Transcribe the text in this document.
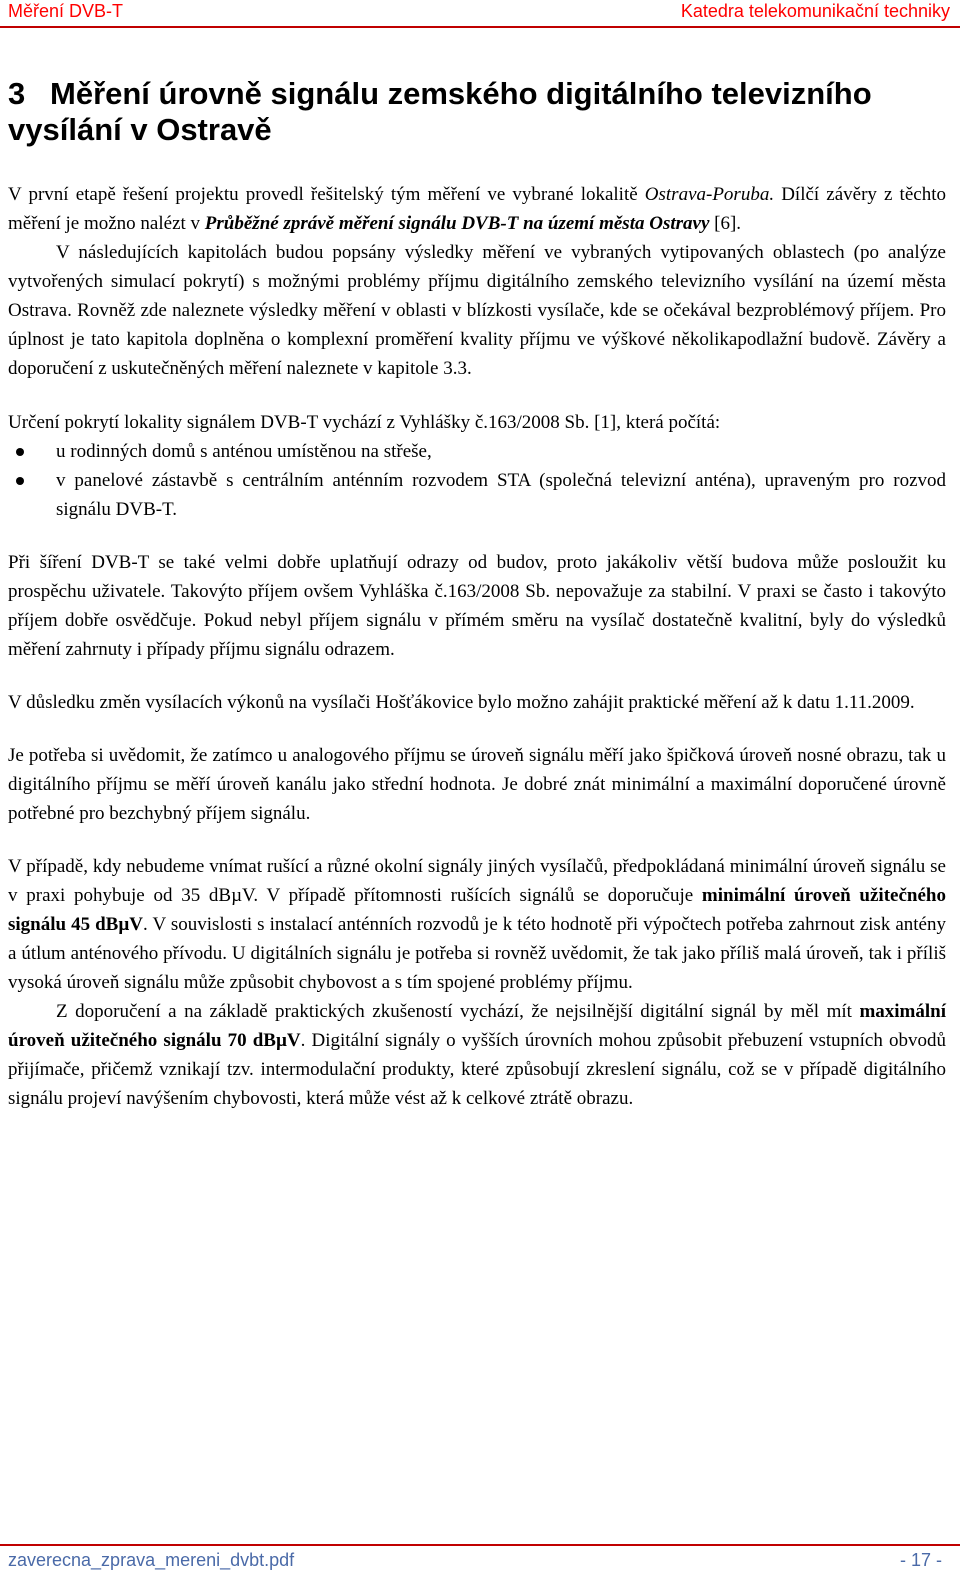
Měření DVB-T	Katedra telekomunikační techniky
3 Měření úrovně signálu zemského digitálního televizního vysílání v Ostravě

V první etapě řešení projektu provedl řešitelský tým měření ve vybrané lokalitě Ostrava-Poruba. Dílčí závěry z těchto měření je možno nalézt v Průběžné zprávě měření signálu DVB-T na území města Ostravy [6].

V následujících kapitolách budou popsány výsledky měření ve vybraných vytipovaných oblastech (po analýze vytvořených simulací pokrytí) s možnými problémy příjmu digitálního zemského televizního vysílání na území města Ostrava. Rovněž zde naleznete výsledky měření v oblasti v blízkosti vysílače, kde se očekával bezproblémový příjem. Pro úplnost je tato kapitola doplněna o komplexní proměření kvality příjmu ve výškové několikapodlažní budově. Závěry a doporučení z uskutečněných měření naleznete v kapitole 3.3.

Určení pokrytí lokality signálem DVB-T vychází z Vyhlášky č.163/2008 Sb. [1], která počítá:

u rodinných domů s anténou umístěnou na střeše,
v panelové zástavbě s centrálním anténním rozvodem STA (společná televizní anténa), upraveným pro rozvod signálu DVB-T.

Při šíření DVB-T se také velmi dobře uplatňují odrazy od budov, proto jakákoliv větší budova může posloužit ku prospěchu uživatele. Takovýto příjem ovšem Vyhláška č.163/2008 Sb. nepovažuje za stabilní. V praxi se často i takovýto příjem dobře osvědčuje. Pokud nebyl příjem signálu v přímém směru na vysílač dostatečně kvalitní, byly do výsledků měření zahrnuty i případy příjmu signálu odrazem.

V důsledku změn vysílacích výkonů na vysílači Hošťákovice bylo možno zahájit praktické měření až k datu 1.11.2009.

Je potřeba si uvědomit, že zatímco u analogového příjmu se úroveň signálu měří jako špičková úroveň nosné obrazu, tak u digitálního příjmu se měří úroveň kanálu jako střední hodnota. Je dobré znát minimální a maximální doporučené úrovně potřebné pro bezchybný příjem signálu.

V případě, kdy nebudeme vnímat rušící a různé okolní signály jiných vysílačů, předpokládaná minimální úroveň signálu se v praxi pohybuje od 35 dBµV. V případě přítomnosti rušících signálů se doporučuje minimální úroveň užitečného signálu 45 dBµV. V souvislosti s instalací anténních rozvodů je k této hodnotě při výpočtech potřeba zahrnout zisk antény a útlum anténového přívodu. U digitálních signálu je potřeba si rovněž uvědomit, že tak jako příliš malá úroveň, tak i příliš vysoká úroveň signálu může způsobit chybovost a s tím spojené problémy příjmu.

Z doporučení a na základě praktických zkušeností vychází, že nejsilnější digitální signál by měl mít maximální úroveň užitečného signálu 70 dBµV. Digitální signály o vyšších úrovních mohou způsobit přebuzení vstupních obvodů přijímače, přičemž vznikají tzv. intermodulační produkty, které způsobují zkreslení signálu, což se v případě digitálního signálu projeví navýšením chybovosti, která může vést až k celkové ztrátě obrazu.

zaverecna_zprava_mereni_dvbt.pdf	- 17 -
